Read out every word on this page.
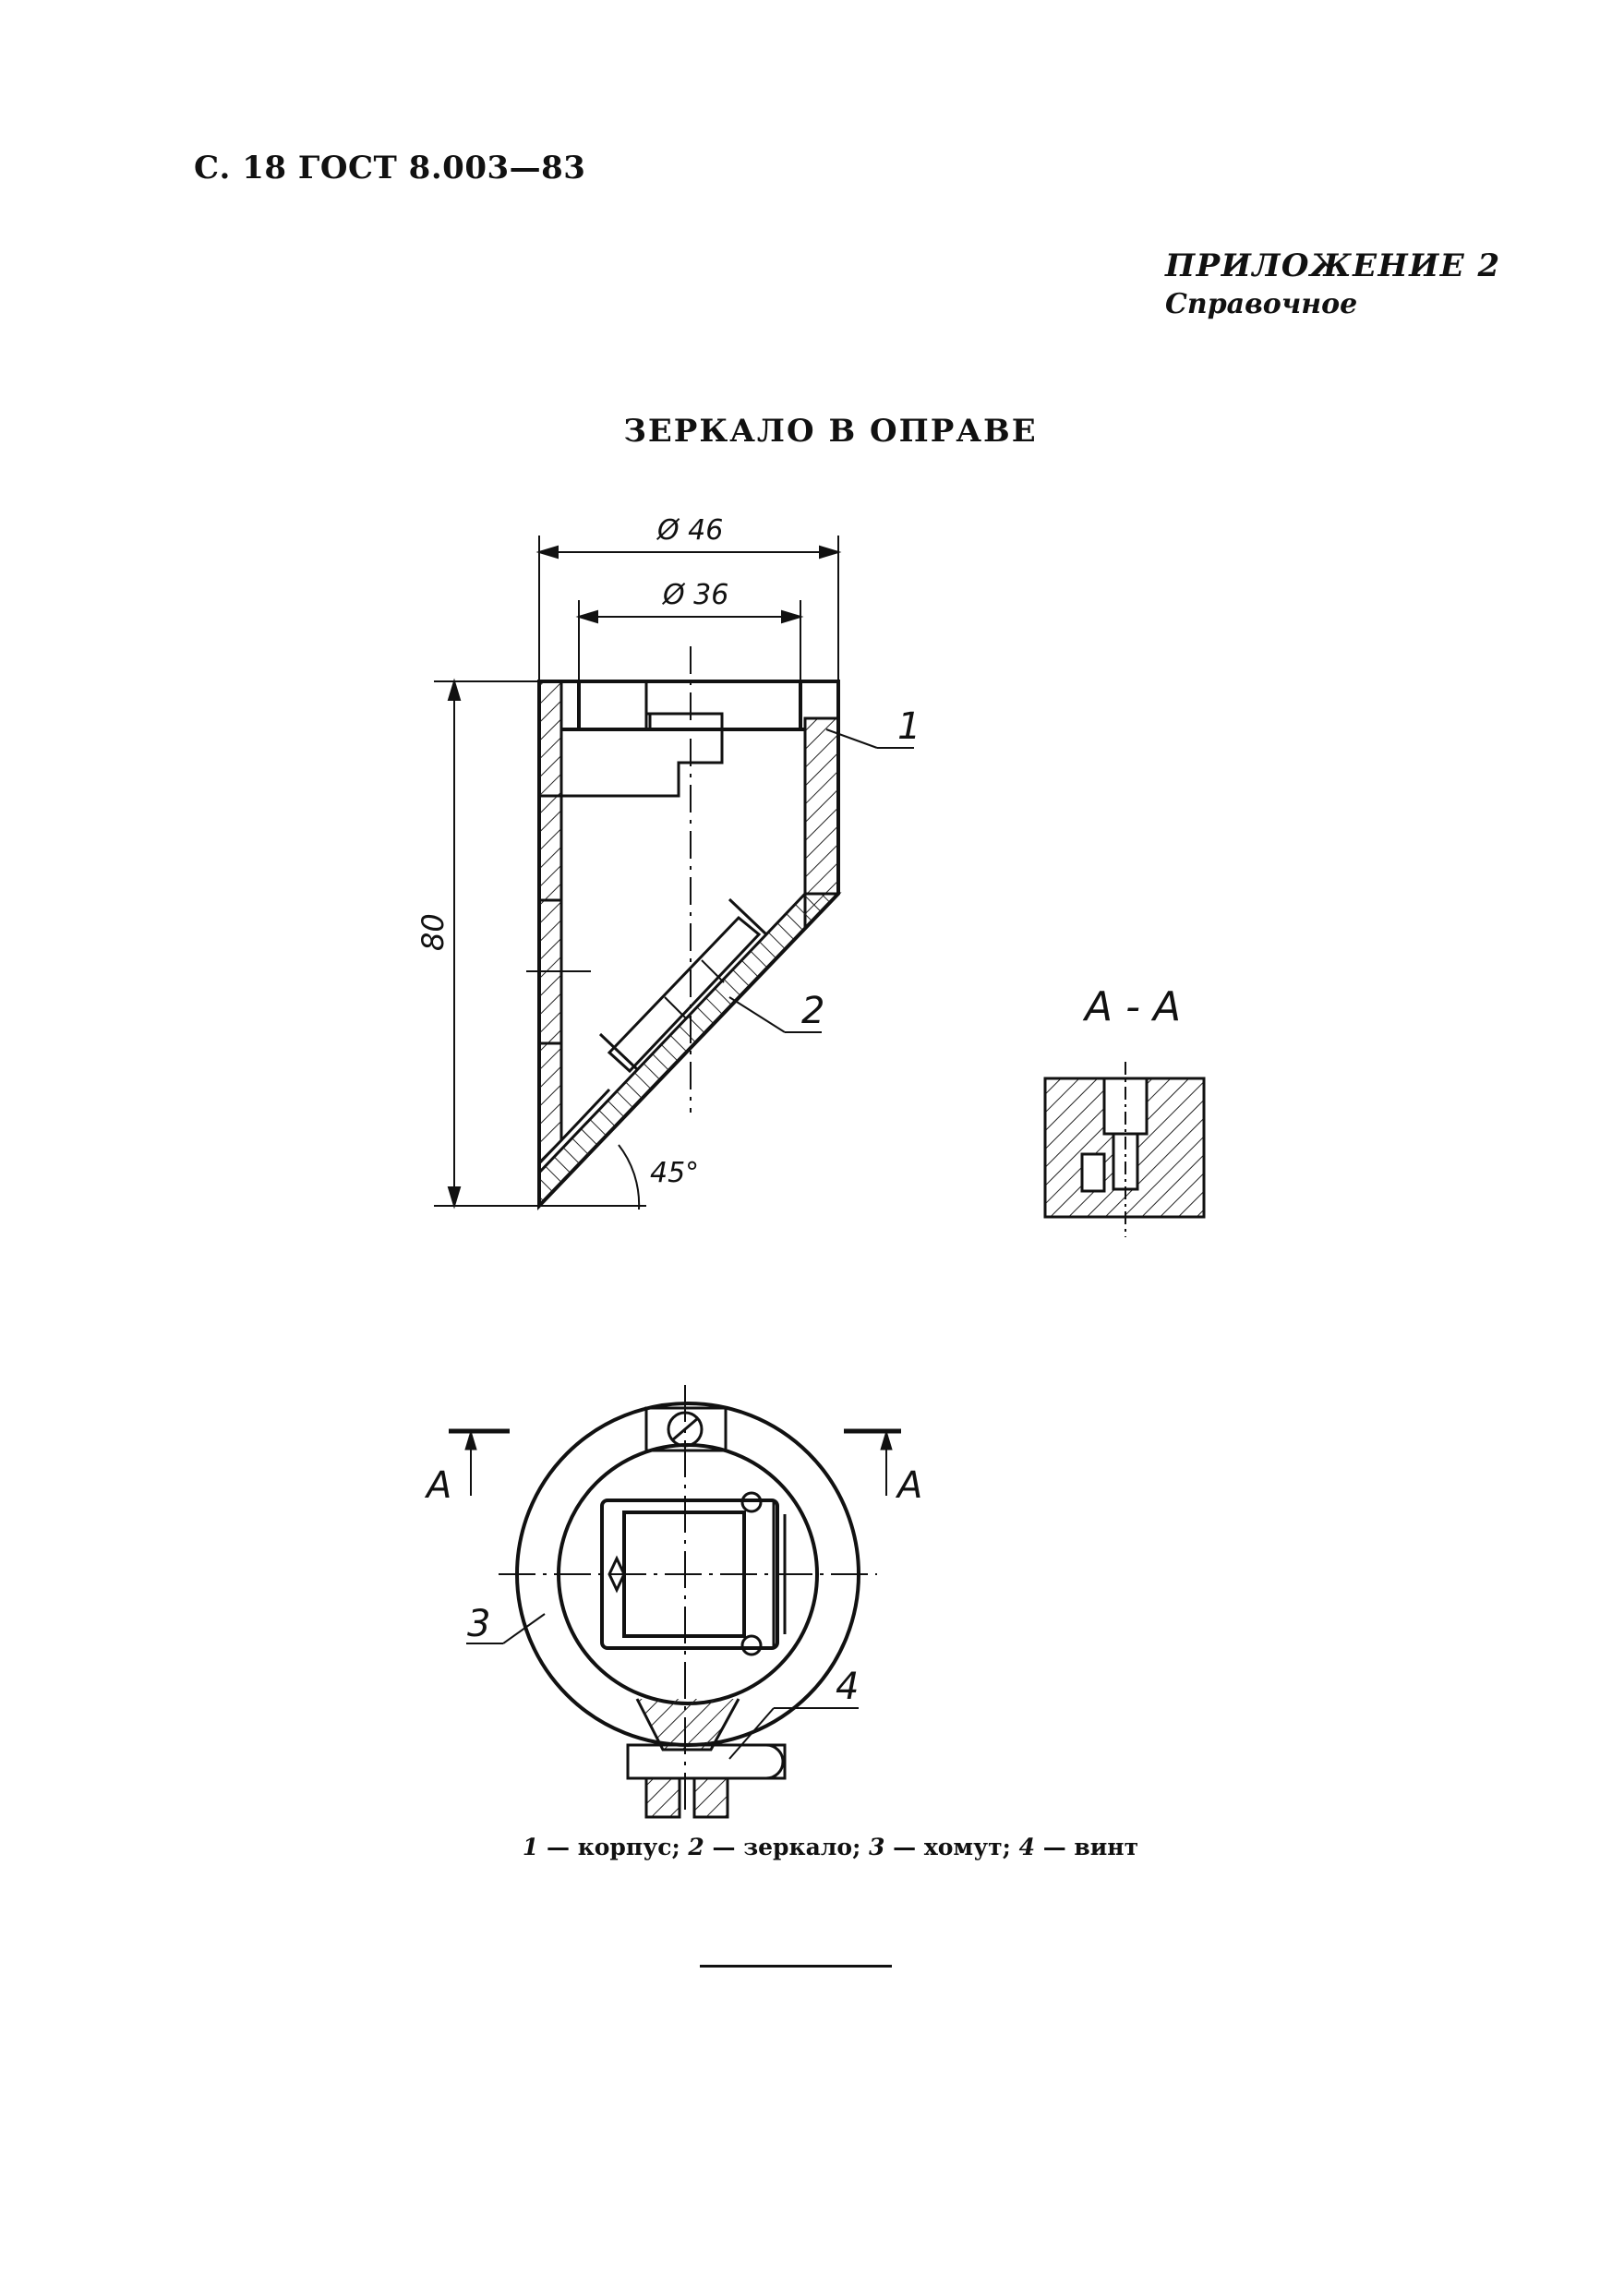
С. 18 ГОСТ 8.003—83
ПРИЛОЖЕНИЕ 2
Справочное
ЗЕРКАЛО В ОПРАВЕ
Ø 46
Ø 36
80
45°
1
2	А - А
А	А
3
4
1 — корпус; 2 — зеркало; 3 — хомут; 4 — винт
